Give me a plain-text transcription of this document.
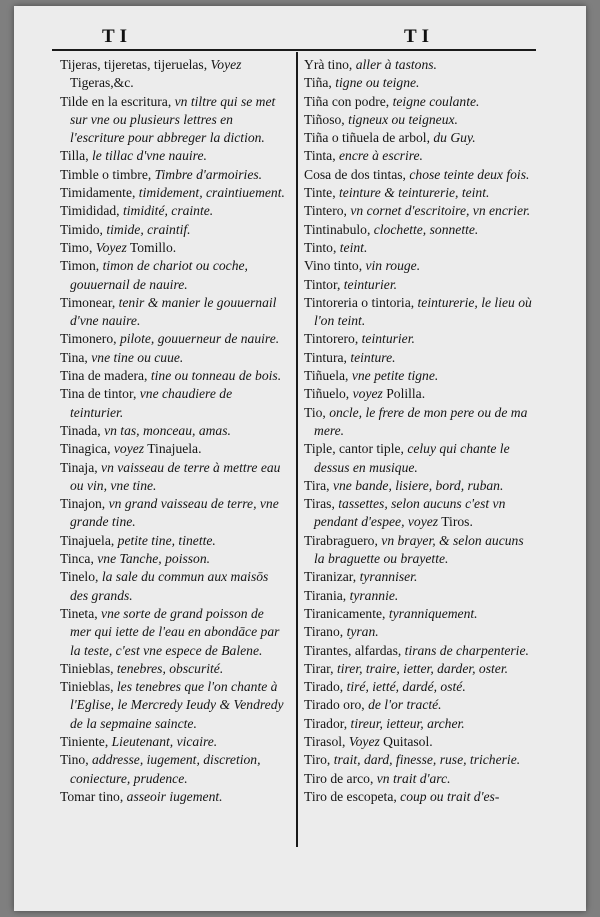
TI	TI
Tijeras, tijeretas, tijeruelas, Voyez Tigeras,&c.
Tilde en la escritura, vn tiltre qui se met sur vne ou plusieurs lettres en l'escriture pour abbreger la diction.
Tilla, le tillac d'vne nauire.
Timble o timbre, Timbre d'armoiries.
Timidamente, timidement, craintiuement.
Timididad, timidité, crainte.
Timido, timide, craintif.
Timo, Voyez Tomillo.
Timon, timon de chariot ou coche, gouuernail de nauire.
Timonear, tenir & manier le gouuernail d'vne nauire.
Timonero, pilote, gouuerneur de nauire.
Tina, vne tine ou cuue.
Tina de madera, tine ou tonneau de bois.
Tina de tintor, vne chaudiere de teinturier.
Tinada, vn tas, monceau, amas.
Tinagica, voyez Tinajuela.
Tinaja, vn vaisseau de terre à mettre eau ou vin, vne tine.
Tinajon, vn grand vaisseau de terre, vne grande tine.
Tinajuela, petite tine, tinette.
Tinca, vne Tanche, poisson.
Tinelo, la sale du commun aux maisōs des grands.
Tineta, vne sorte de grand poisson de mer qui iette de l'eau en abondāce par la teste, c'est vne espece de Balene.
Tinieblas, tenebres, obscurité.
Tinieblas, les tenebres que l'on chante à l'Eglise, le Mercredy Ieudy & Vendredy de la sepmaine saincte.
Tiniente, Lieutenant, vicaire.
Tino, addresse, iugement, discretion, coniecture, prudence.
Tomar tino, asseoir iugement.
Yrà tino, aller à tastons.
Tiña, tigne ou teigne.
Tiña con podre, teigne coulante.
Tiñoso, tigneux ou teigneux.
Tiña o tiñuela de arbol, du Guy.
Tinta, encre à escrire.
Cosa de dos tintas, chose teinte deux fois.
Tinte, teinture & teinturerie, teint.
Tintero, vn cornet d'escritoire, vn encrier.
Tintinabulo, clochette, sonnette.
Tinto, teint.
Vino tinto, vin rouge.
Tintor, teinturier.
Tintoreria o tintoria, teinturerie, le lieu où l'on teint.
Tintorero, teinturier.
Tintura, teinture.
Tiñuela, vne petite tigne.
Tiñuelo, voyez Polilla.
Tio, oncle, le frere de mon pere ou de ma mere.
Tiple, cantor tiple, celuy qui chante le dessus en musique.
Tira, vne bande, lisiere, bord, ruban.
Tiras, tassettes, selon aucuns c'est vn pendant d'espee, voyez Tiros.
Tirabraguero, vn brayer, & selon aucuns la braguette ou brayette.
Tiranizar, tyranniser.
Tirania, tyrannie.
Tiranicamente, tyranniquement.
Tirano, tyran.
Tirantes, alfardas, tirans de charpenterie.
Tirar, tirer, traire, ietter, darder, oster.
Tirado, tiré, ietté, dardé, osté.
Tirado oro, de l'or tracté.
Tirador, tireur, ietteur, archer.
Tirasol, Voyez Quitasol.
Tiro, trait, dard, finesse, ruse, tricherie.
Tiro de arco, vn trait d'arc.
Tiro de escopeta, coup ou trait d'es-
